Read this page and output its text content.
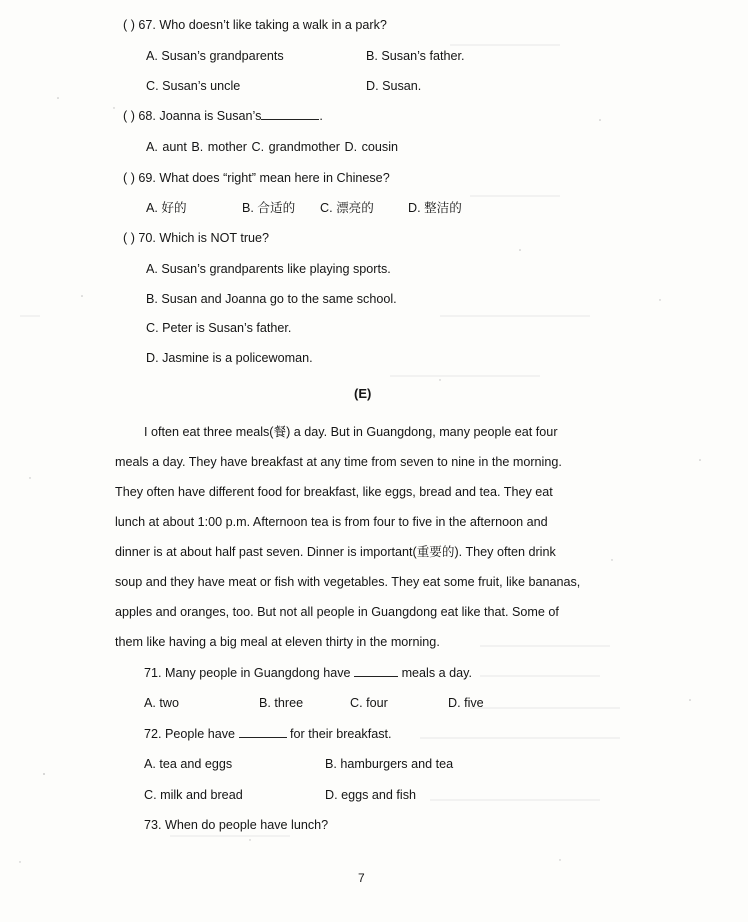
( ) 67. Who doesn’t like taking a walk in a park?
A. Susan’s grandparents	B. Susan’s father.
C. Susan’s uncle	D. Susan.
( ) 68. Joanna is Susan’s	.
A. aunt B. mother C. grandmother D. cousin
( ) 69. What does “right” mean here in Chinese?
A. 好的	B. 合适的 C. 漂亮的	D. 整洁的
( ) 70. Which is NOT true?
A. Susan’s grandparents like playing sports.
B. Susan and Joanna go to the same school.
C. Peter is Susan’s father.
D. Jasmine is a policewoman.
(E)
I often eat three meals(餐) a day. But in Guangdong, many people eat four
meals a day. They have breakfast at any time from seven to nine in the morning.
They often have different food for breakfast, like eggs, bread and tea. They eat
lunch at about 1:00 p.m. Afternoon tea is from four to five in the afternoon and
dinner is at about half past seven. Dinner is important(重要的). They often drink
soup and they have meat or fish with vegetables. They eat some fruit, like bananas,
apples and oranges, too. But not all people in Guangdong eat like that. Some of
them like having a big meal at eleven thirty in the morning.
71. Many people in Guangdong have	meals a day.
A. two	B. three	C. four	D. five
72. People have	for their breakfast.
A. tea and eggs	B. hamburgers and tea
C. milk and bread	D. eggs and fish
73. When do people have lunch?
7
